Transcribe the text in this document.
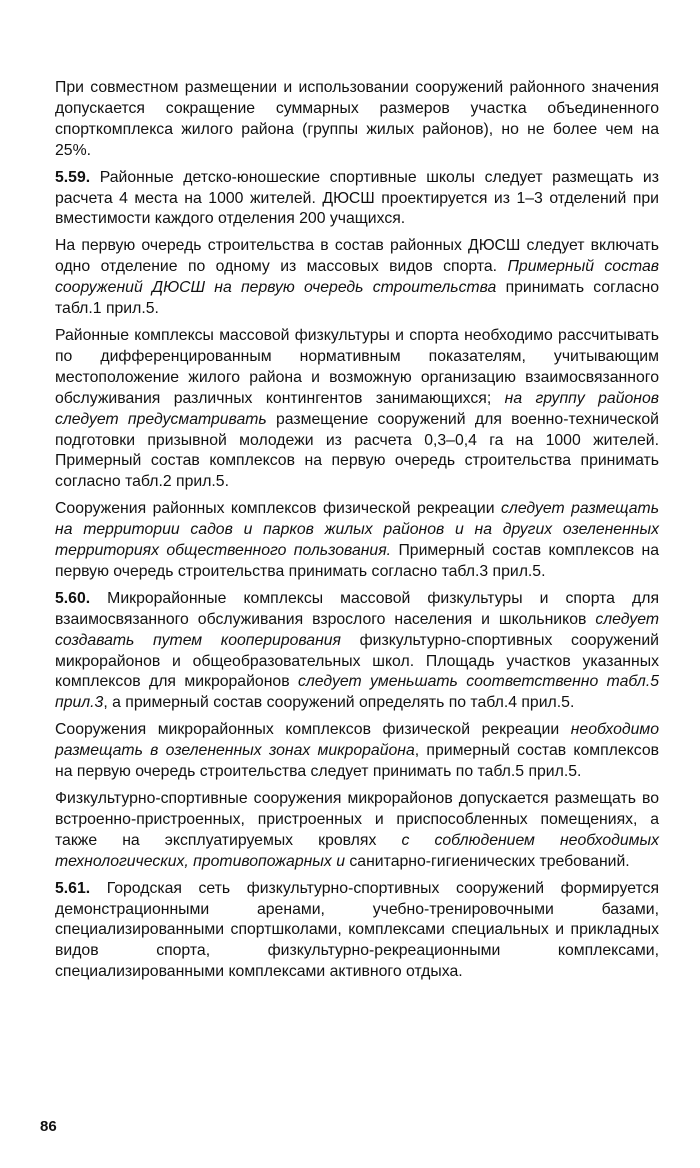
При совместном размещении и использовании сооружений районного значения допускается сокращение суммарных размеров участка объединенного спорткомплекса жилого района (группы жилых районов), но не более чем на 25%.

5.59. Районные детско-юношеские спортивные школы следует размещать из расчета 4 места на 1000 жителей. ДЮСШ проектируется из 1–3 отделений при вместимости каждого отделения 200 учащихся.

На первую очередь строительства в состав районных ДЮСШ следует включать одно отделение по одному из массовых видов спорта. Примерный состав сооружений ДЮСШ на первую очередь строительства принимать согласно табл.1 прил.5.

Районные комплексы массовой физкультуры и спорта необходимо рассчитывать по дифференцированным нормативным показателям, учитывающим местоположение жилого района и возможную организацию взаимосвязанного обслуживания различных контингентов занимающихся; на группу районов следует предусматривать размещение сооружений для военно-технической подготовки призывной молодежи из расчета 0,3–0,4 га на 1000 жителей. Примерный состав комплексов на первую очередь строительства принимать согласно табл.2 прил.5.

Сооружения районных комплексов физической рекреации следует размещать на территории садов и парков жилых районов и на других озелененных территориях общественного пользования. Примерный состав комплексов на первую очередь строительства принимать согласно табл.3 прил.5.

5.60. Микрорайонные комплексы массовой физкультуры и спорта для взаимосвязанного обслуживания взрослого населения и школьников следует создавать путем кооперирования физкультурно-спортивных сооружений микрорайонов и общеобразовательных школ. Площадь участков указанных комплексов для микрорайонов следует уменьшать соответственно табл.5 прил.3, а примерный состав сооружений определять по табл.4 прил.5.

Сооружения микрорайонных комплексов физической рекреации необходимо размещать в озелененных зонах микрорайона, примерный состав комплексов на первую очередь строительства следует принимать по табл.5 прил.5.

Физкультурно-спортивные сооружения микрорайонов допускается размещать во встроенно-пристроенных, пристроенных и приспособленных помещениях, а также на эксплуатируемых кровлях с соблюдением необходимых технологических, противопожарных и санитарно-гигиенических требований.

5.61. Городская сеть физкультурно-спортивных сооружений формируется демонстрационными аренами, учебно-тренировочными базами, специализированными спортшколами, комплексами специальных и прикладных видов спорта, физкультурно-рекреационными комплексами, специализированными комплексами активного отдыха.

86
